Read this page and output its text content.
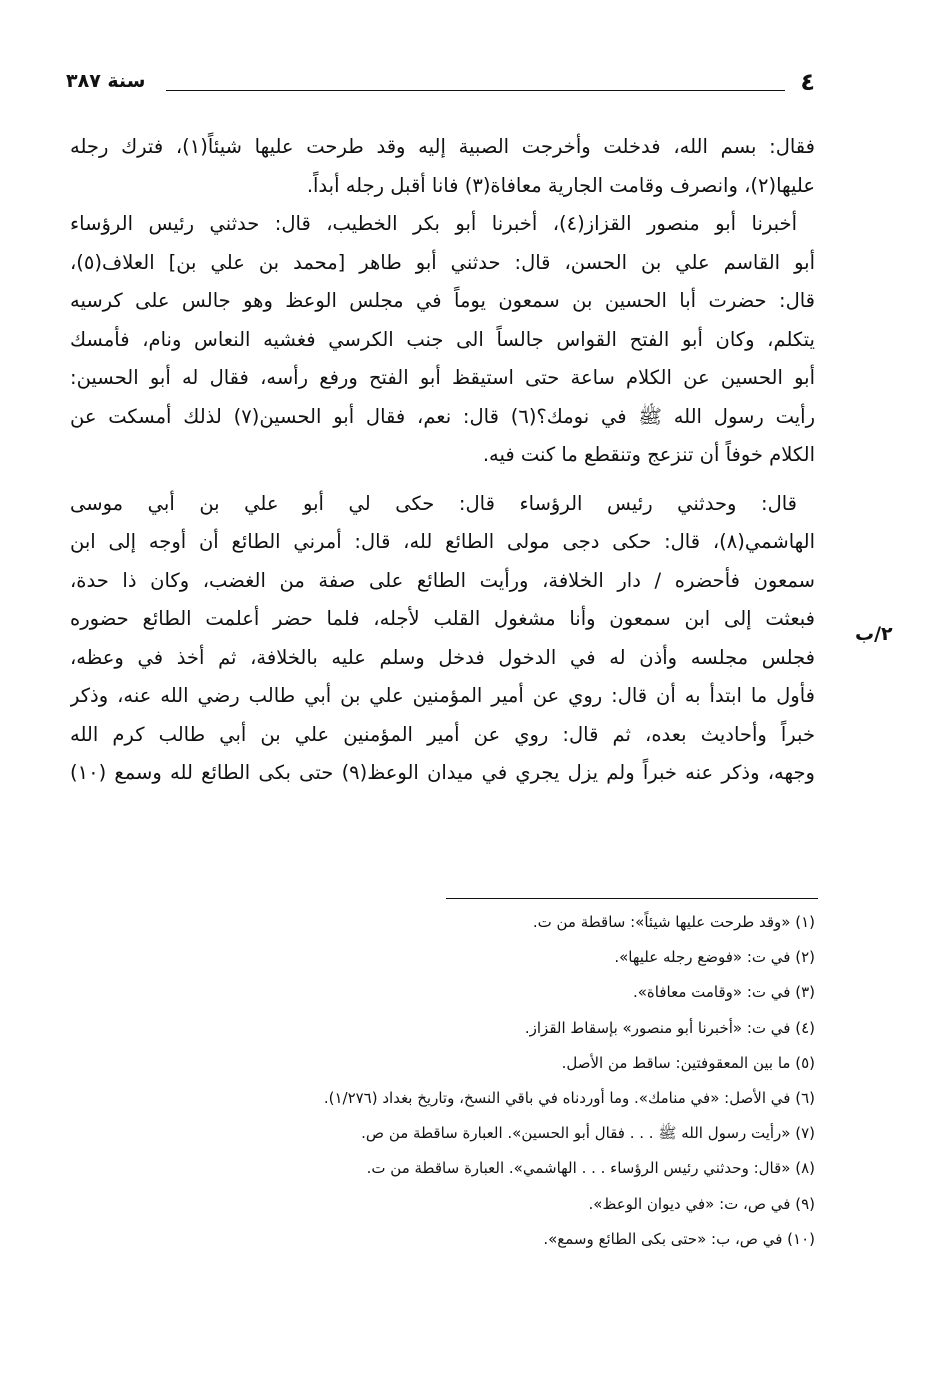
٤
سنة ٣٨٧
فقال: بسم الله، فدخلت وأخرجت الصبية إليه وقد طرحت عليها شيئاً(١)، فترك رجله
عليها(٢)، وانصرف وقامت الجارية معافاة(٣) فانا أقبل رجله أبداً.
أخبرنا أبو منصور القزاز(٤)، أخبرنا أبو بكر الخطيب، قال: حدثني رئيس الرؤساء
أبو القاسم علي بن الحسن، قال: حدثني أبو طاهر [محمد بن علي بن] العلاف(٥)،
قال: حضرت أبا الحسين بن سمعون يوماً في مجلس الوعظ وهو جالس على كرسيه
يتكلم، وكان أبو الفتح القواس جالساً الى جنب الكرسي فغشيه النعاس ونام، فأمسك
أبو الحسين عن الكلام ساعة حتى استيقظ أبو الفتح ورفع رأسه، فقال له أبو الحسين:
رأيت رسول الله ﷺ في نومك؟(٦) قال: نعم، فقال أبو الحسين(٧) لذلك أمسكت عن
الكلام خوفاً أن تنزعج وتنقطع ما كنت فيه.
قال: وحدثني رئيس الرؤساء قال: حكى لي أبو علي بن أبي موسى
الهاشمي(٨)، قال: حكى دجى مولى الطائع لله، قال: أمرني الطائع أن أوجه إلى ابن
سمعون فأحضره / دار الخلافة، ورأيت الطائع على صفة من الغضب، وكان ذا حدة،
فبعثت إلى ابن سمعون وأنا مشغول القلب لأجله، فلما حضر أعلمت الطائع حضوره
فجلس مجلسه وأذن له في الدخول فدخل وسلم عليه بالخلافة، ثم أخذ في وعظه،
فأول ما ابتدأ به أن قال: روي عن أمير المؤمنين علي بن أبي طالب رضي الله عنه، وذكر
خبراً وأحاديث بعده، ثم قال: روي عن أمير المؤمنين علي بن أبي طالب كرم الله
وجهه، وذكر عنه خبراً ولم يزل يجري في ميدان الوعظ(٩) حتى بكى الطائع لله وسمع (١٠)
٢/ب
(١) «وقد طرحت عليها شيئاً»: ساقطة من ت.
(٢) في ت: «فوضع رجله عليها».
(٣) في ت: «وقامت معافاة».
(٤) في ت: «أخبرنا أبو منصور» بإسقاط القزاز.
(٥) ما بين المعقوفتين: ساقط من الأصل.
(٦) في الأصل: «في منامك». وما أوردناه في باقي النسخ، وتاريخ بغداد (١/٢٧٦).
(٧) «رأيت رسول الله ﷺ . . . فقال أبو الحسين». العبارة ساقطة من ص.
(٨) «قال: وحدثني رئيس الرؤساء . . . الهاشمي». العبارة ساقطة من ت.
(٩) في ص، ت: «في ديوان الوعظ».
(١٠) في ص، ب: «حتى بكى الطائع وسمع».
